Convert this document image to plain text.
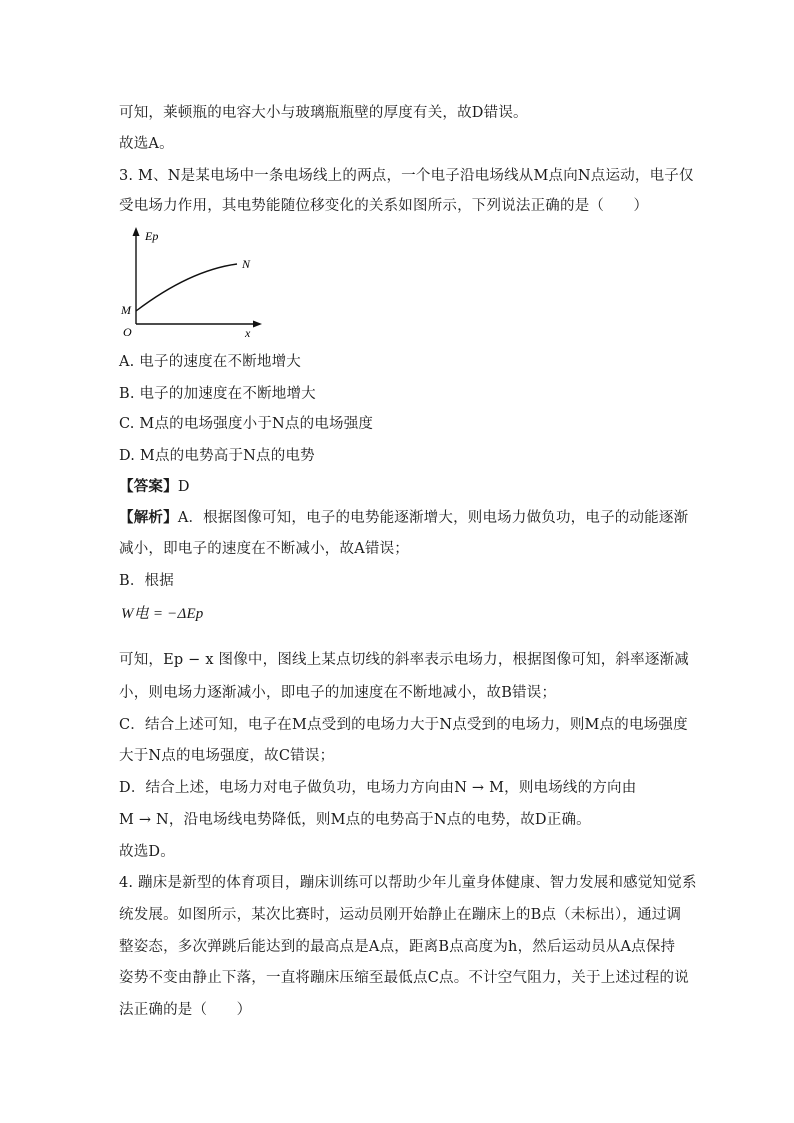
可知，莱顿瓶的电容大小与玻璃瓶瓶壁的厚度有关，故D错误。
故选A。
3. M、N是某电场中一条电场线上的两点，一个电子沿电场线从M点向N点运动，电子仅
受电场力作用，其电势能随位移变化的关系如图所示，下列说法正确的是（　　）
Ep
x
O
M
N
A. 电子的速度在不断地增大
B. 电子的加速度在不断地增大
C. M点的电场强度小于N点的电场强度
D. M点的电势高于N点的电势
【答案】D
【解析】A．根据图像可知，电子的电势能逐渐增大，则电场力做负功，电子的动能逐渐
减小，即电子的速度在不断减小，故A错误；
B．根据
W电 = −ΔEp
可知，Ep − x 图像中，图线上某点切线的斜率表示电场力，根据图像可知，斜率逐渐减
小，则电场力逐渐减小，即电子的加速度在不断地减小，故B错误；
C．结合上述可知，电子在M点受到的电场力大于N点受到的电场力，则M点的电场强度
大于N点的电场强度，故C错误；
D．结合上述，电场力对电子做负功，电场力方向由N → M，则电场线的方向由
M → N，沿电场线电势降低，则M点的电势高于N点的电势，故D正确。
故选D。
4. 蹦床是新型的体育项目，蹦床训练可以帮助少年儿童身体健康、智力发展和感觉知觉系
统发展。如图所示，某次比赛时，运动员刚开始静止在蹦床上的B点（未标出），通过调
整姿态，多次弹跳后能达到的最高点是A点，距离B点高度为h，然后运动员从A点保持
姿势不变由静止下落，一直将蹦床压缩至最低点C点。不计空气阻力，关于上述过程的说
法正确的是（　　）
